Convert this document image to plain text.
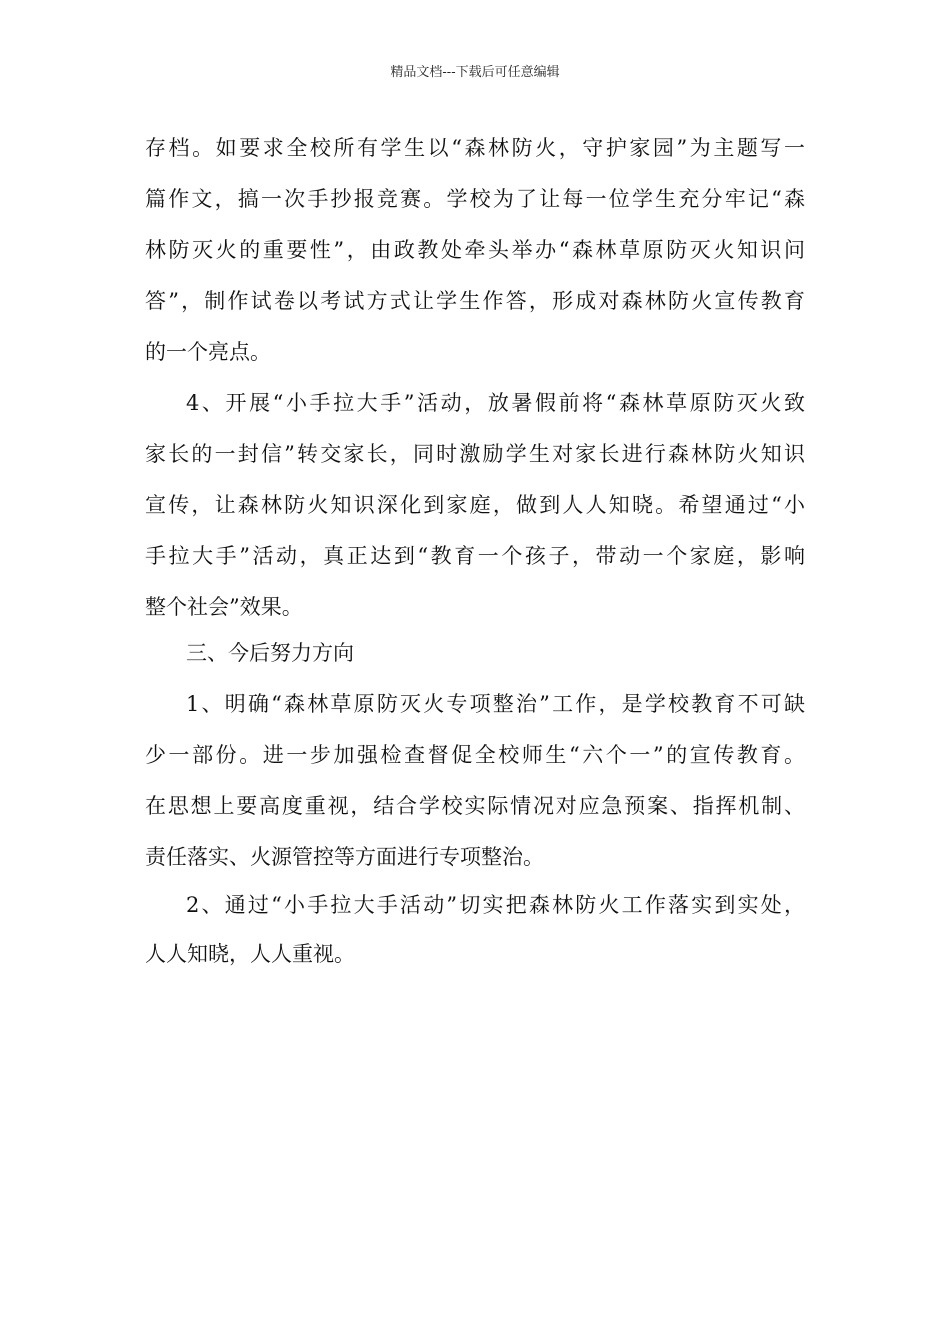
精品文档---下载后可任意编辑
存档。如要求全校所有学生以“森林防火，守护家园”为主题写一
篇作文，搞一次手抄报竞赛。学校为了让每一位学生充分牢记“森
林防灭火的重要性”，由政教处牵头举办“森林草原防灭火知识问
答”，制作试卷以考试方式让学生作答，形成对森林防火宣传教育
的一个亮点。
4、开展“小手拉大手”活动，放暑假前将“森林草原防灭火致
家长的一封信”转交家长，同时激励学生对家长进行森林防火知识
宣传，让森林防火知识深化到家庭，做到人人知晓。希望通过“小
手拉大手”活动，真正达到“教育一个孩子，带动一个家庭，影响
整个社会”效果。
三、今后努力方向
1、明确“森林草原防灭火专项整治”工作，是学校教育不可缺
少一部份。进一步加强检查督促全校师生“六个一”的宣传教育。
在思想上要高度重视，结合学校实际情况对应急预案、指挥机制、
责任落实、火源管控等方面进行专项整治。
2、通过“小手拉大手活动”切实把森林防火工作落实到实处，
人人知晓，人人重视。
